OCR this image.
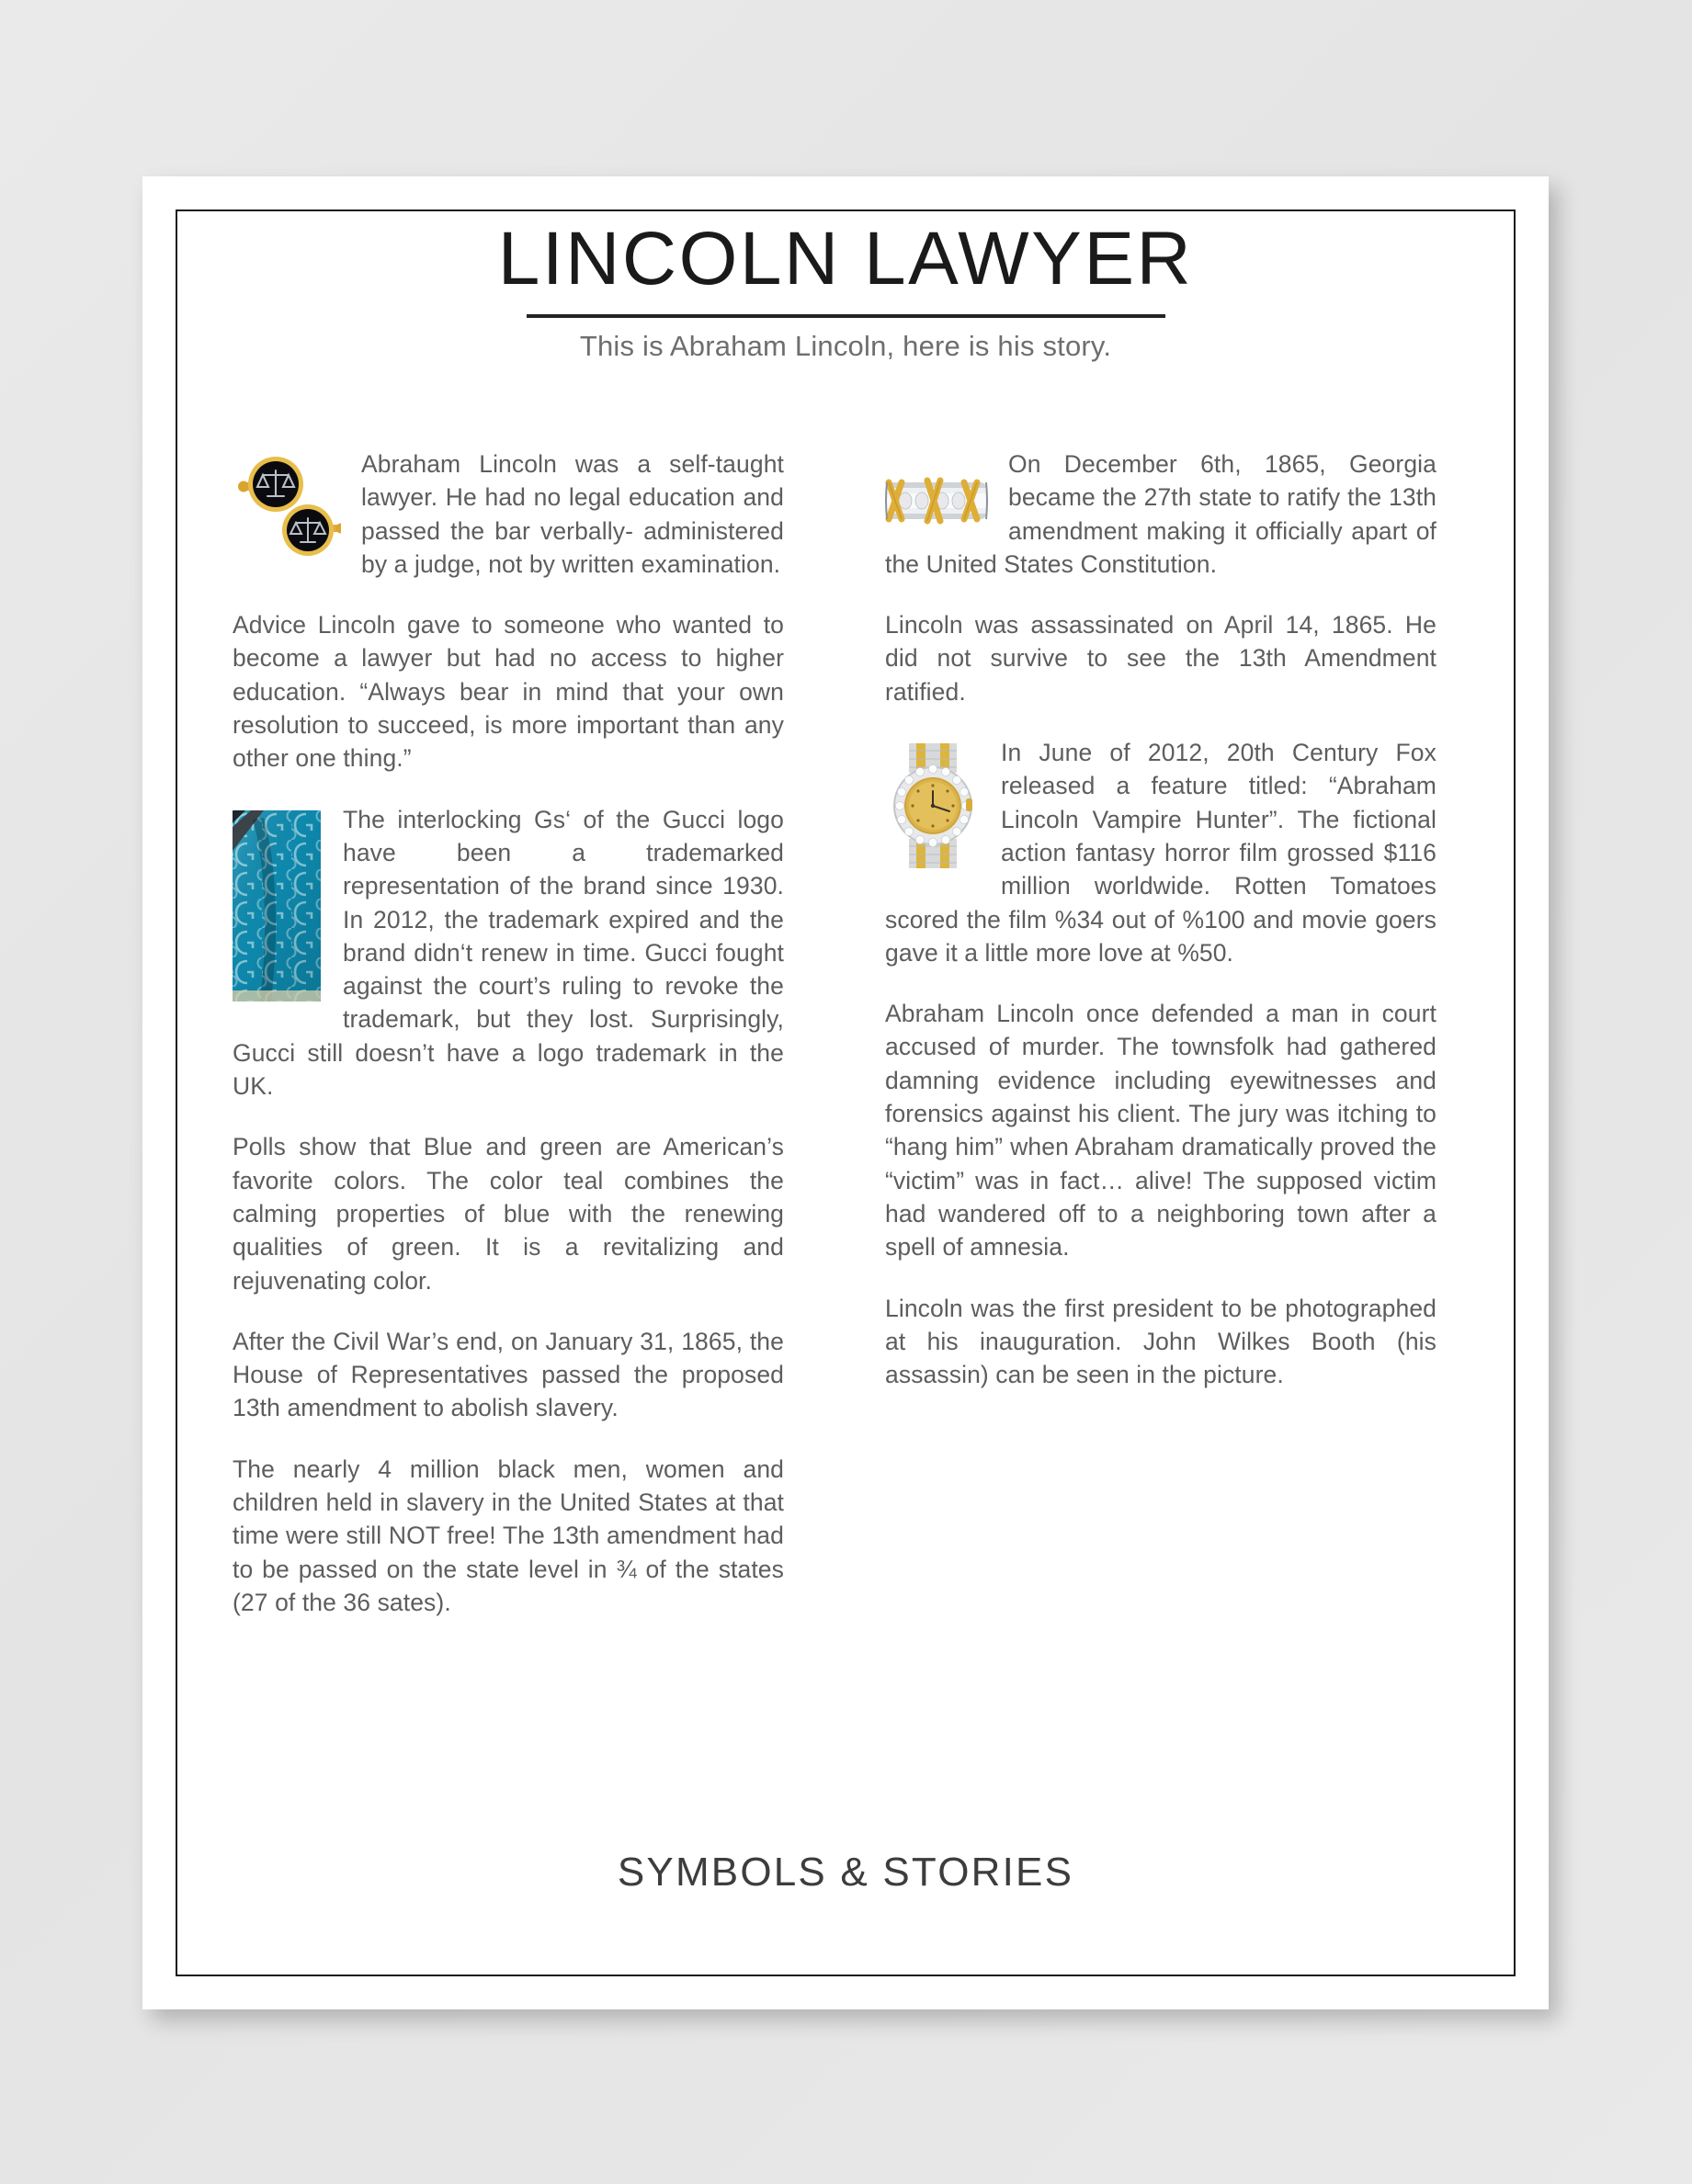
LINCOLN LAWYER
This is Abraham Lincoln, here is his story.

Abraham Lincoln was a self-taught lawyer. He had no legal education and passed the bar verbally- administered by a judge, not by written examination.

Advice Lincoln gave to someone who wanted to become a lawyer but had no access to higher education. “Always bear in mind that your own resolution to succeed, is more important than any other one thing.”

The interlocking Gs‘ of the Gucci logo have been a trademarked representation of the brand since 1930. In 2012, the trademark expired and the brand didn‘t renew in time. Gucci fought against the court’s ruling to revoke the trademark, but they lost. Surprisingly, Gucci still doesn’t have a logo trademark in the UK.

Polls show that Blue and green are American’s favorite colors. The color teal combines the calming properties of blue with the renewing qualities of green. It is a revitalizing and rejuvenating color.

After the Civil War’s end, on January 31, 1865, the House of Representatives passed the proposed 13th amendment to abolish slavery.

The nearly 4 million black men, women and children held in slavery in the United States at that time were still NOT free! The 13th amendment had to be passed on the state level in ¾ of the states (27 of the 36 sates).

On December 6th, 1865, Georgia became the 27th state to ratify the 13th amendment making it officially apart of the United States Constitution.

Lincoln was assassinated on April 14, 1865. He did not survive to see the 13th Amendment ratified.

In June of 2012, 20th Century Fox released a feature titled: “Abraham Lincoln Vampire Hunter”. The fictional action fantasy horror film grossed $116 million worldwide. Rotten Tomatoes scored the film %34 out of %100 and movie goers gave it a little more love at %50.

Abraham Lincoln once defended a man in court accused of murder. The townsfolk had gathered damning evidence including eyewitnesses and forensics against his client. The jury was itching to “hang him” when Abraham dramatically proved the “victim” was in fact… alive! The supposed victim had wandered off to a neighboring town after a spell of amnesia.

Lincoln was the first president to be photographed at his inauguration. John Wilkes Booth (his assassin) can be seen in the picture.

SYMBOLS & STORIES
